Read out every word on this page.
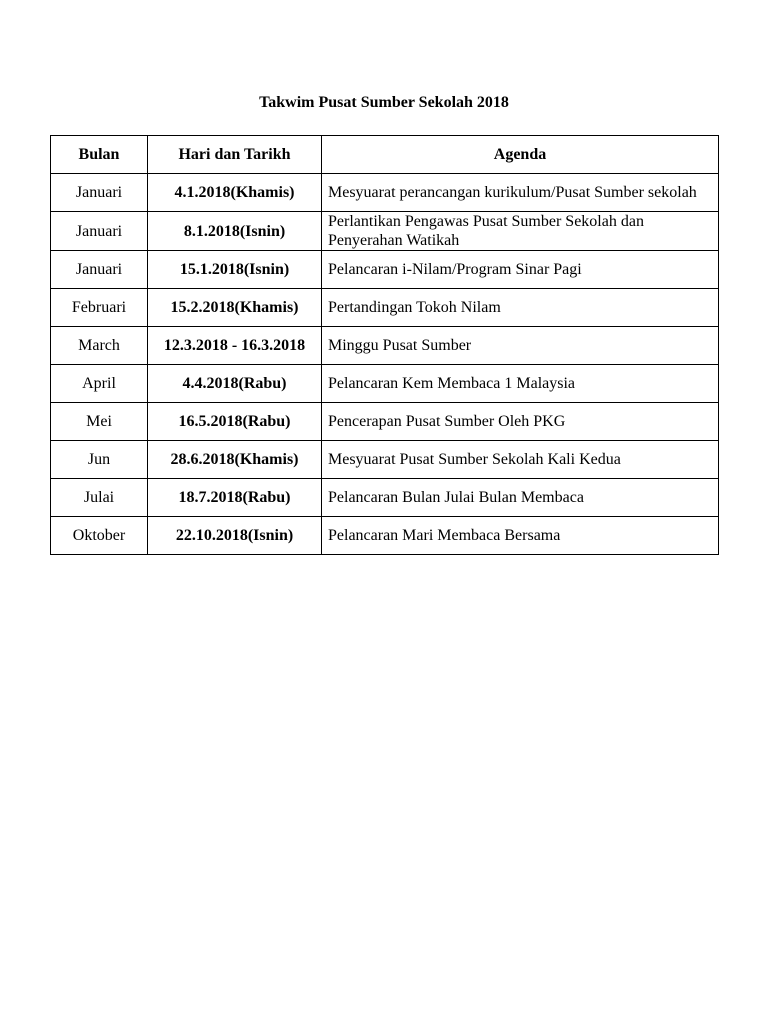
Takwim Pusat Sumber Sekolah 2018
Bulan	Hari dan Tarikh	Agenda
Januari	4.1.2018(Khamis)	Mesyuarat perancangan kurikulum/Pusat Sumber sekolah
Januari	8.1.2018(Isnin)	Perlantikan Pengawas Pusat Sumber Sekolah dan Penyerahan Watikah
Januari	15.1.2018(Isnin)	Pelancaran i-Nilam/Program Sinar Pagi
Februari	15.2.2018(Khamis)	Pertandingan Tokoh Nilam
March	12.3.2018 - 16.3.2018	Minggu Pusat Sumber
April	4.4.2018(Rabu)	Pelancaran Kem Membaca 1 Malaysia
Mei	16.5.2018(Rabu)	Pencerapan Pusat Sumber Oleh PKG
Jun	28.6.2018(Khamis)	Mesyuarat Pusat Sumber Sekolah Kali Kedua
Julai	18.7.2018(Rabu)	Pelancaran Bulan Julai Bulan Membaca
Oktober	22.10.2018(Isnin)	Pelancaran Mari Membaca Bersama
